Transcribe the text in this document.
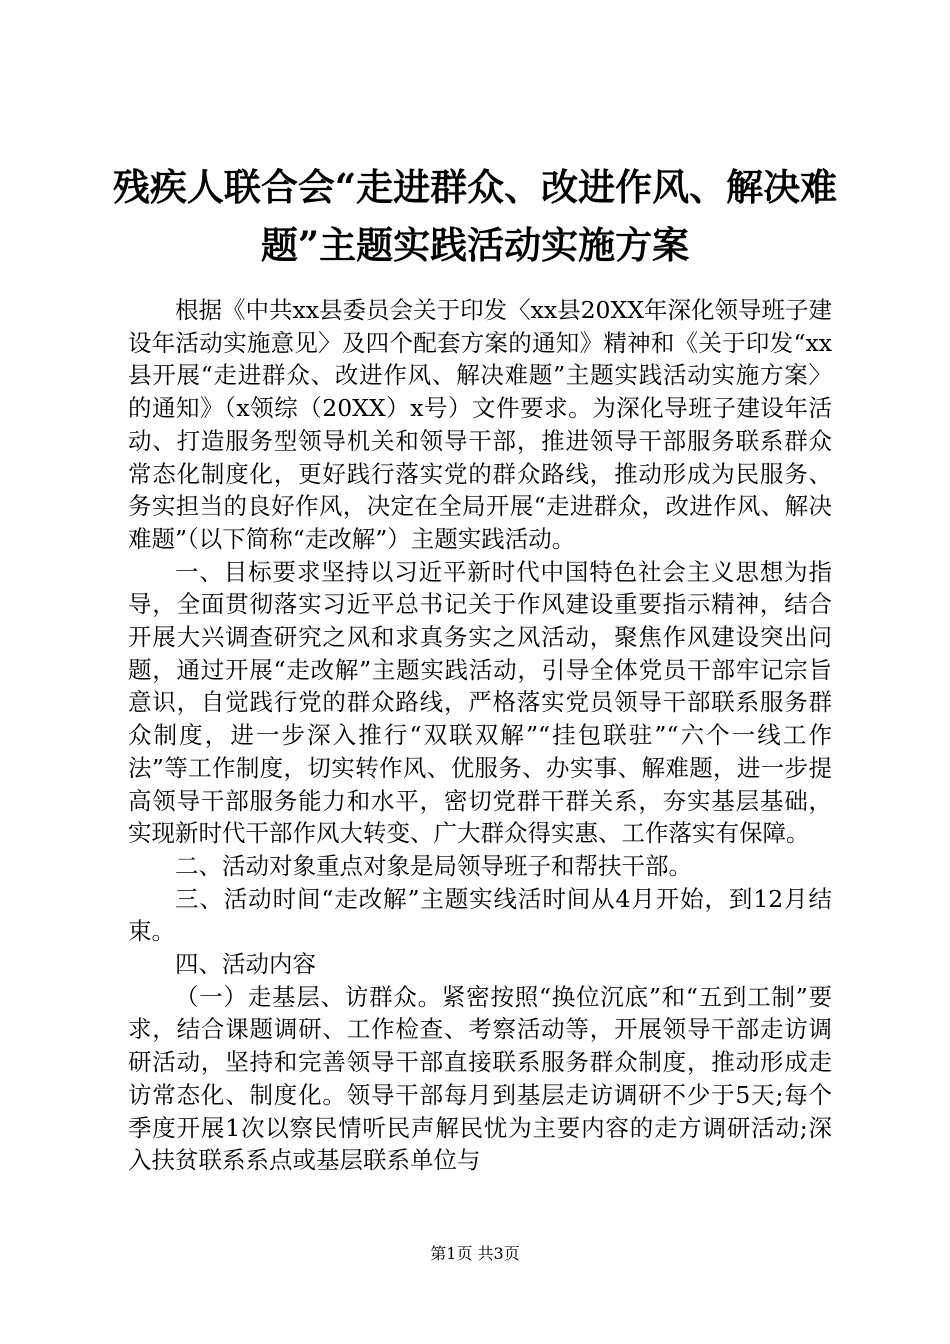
残疾人联合会“走进群众、改进作风、解决难
题”主题实践活动实施方案

根据《中共xx县委员会关于印发〈xx县20XX年深化领导班子建设年活动实施意见〉及四个配套方案的通知》精神和《关于印发“xx县开展“走进群众、改进作风、解决难题”主题实践活动实施方案〉的通知》（x领综（20XX）x号）文件要求。为深化导班子建设年活动、打造服务型领导机关和领导干部，推进领导干部服务联系群众常态化制度化，更好践行落实党的群众路线，推动形成为民服务、务实担当的良好作风，决定在全局开展“走进群众，改进作风、解决难题”（以下简称“走改解”）主题实践活动。

一、目标要求坚持以习近平新时代中国特色社会主义思想为指导，全面贯彻落实习近平总书记关于作风建设重要指示精神，结合开展大兴调查研究之风和求真务实之风活动，聚焦作风建设突出问题，通过开展“走改解”主题实践活动，引导全体党员干部牢记宗旨意识，自觉践行党的群众路线，严格落实党员领导干部联系服务群众制度，进一步深入推行“双联双解”“挂包联驻”“六个一线工作法”等工作制度，切实转作风、优服务、办实事、解难题，进一步提高领导干部服务能力和水平，密切党群干群关系，夯实基层基础，实现新时代干部作风大转变、广大群众得实惠、工作落实有保障。

二、活动对象重点对象是局领导班子和帮扶干部。

三、活动时间“走改解”主题实线活时间从4月开始，到12月结束。

四、活动内容

（一）走基层、访群众。紧密按照“换位沉底”和“五到工制”要求，结合课题调研、工作检查、考察活动等，开展领导干部走访调研活动，坚持和完善领导干部直接联系服务群众制度，推动形成走访常态化、制度化。领导干部每月到基层走访调研不少于5天;每个季度开展1次以察民情听民声解民忧为主要内容的走方调研活动;深入扶贫联系系点或基层联系单位与

第1页 共3页
